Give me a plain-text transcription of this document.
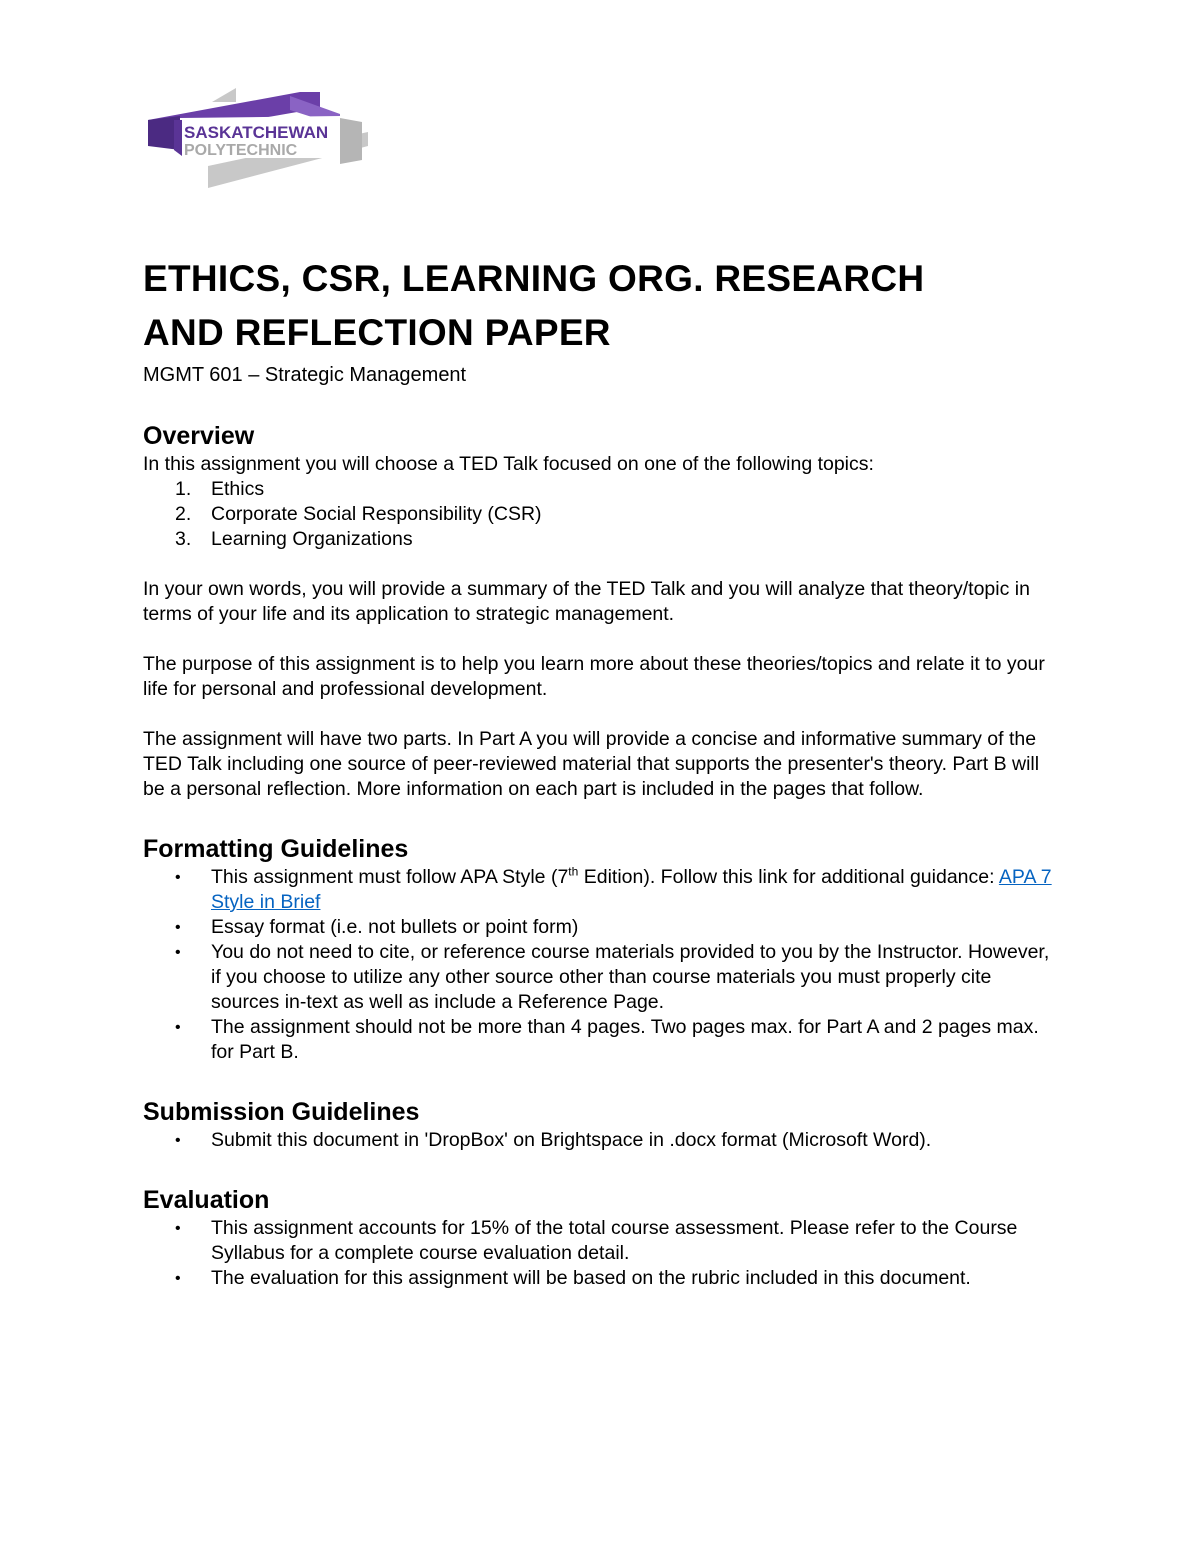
SASKATCHEWAN
POLYTECHNIC
ETHICS, CSR, LEARNING ORG. RESEARCH
AND REFLECTION PAPER

MGMT 601 – Strategic Management

Overview

In this assignment you will choose a TED Talk focused on one of the following topics:

1. Ethics
2. Corporate Social Responsibility (CSR)
3. Learning Organizations

In your own words, you will provide a summary of the TED Talk and you will analyze that theory/topic in terms of your life and its application to strategic management.

The purpose of this assignment is to help you learn more about these theories/topics and relate it to your life for personal and professional development.

The assignment will have two parts. In Part A you will provide a concise and informative summary of the TED Talk including one source of peer-reviewed material that supports the presenter's theory. Part B will be a personal reflection. More information on each part is included in the pages that follow.

Formatting Guidelines
• This assignment must follow APA Style (7th Edition). Follow this link for additional guidance: APA 7 Style in Brief
• Essay format (i.e. not bullets or point form)
• You do not need to cite, or reference course materials provided to you by the Instructor. However, if you choose to utilize any other source other than course materials you must properly cite sources in-text as well as include a Reference Page.
• The assignment should not be more than 4 pages. Two pages max. for Part A and 2 pages max. for Part B.
Submission Guidelines
• Submit this document in 'DropBox' on Brightspace in .docx format (Microsoft Word).
Evaluation
• This assignment accounts for 15% of the total course assessment. Please refer to the Course Syllabus for a complete course evaluation detail.
• The evaluation for this assignment will be based on the rubric included in this document.
